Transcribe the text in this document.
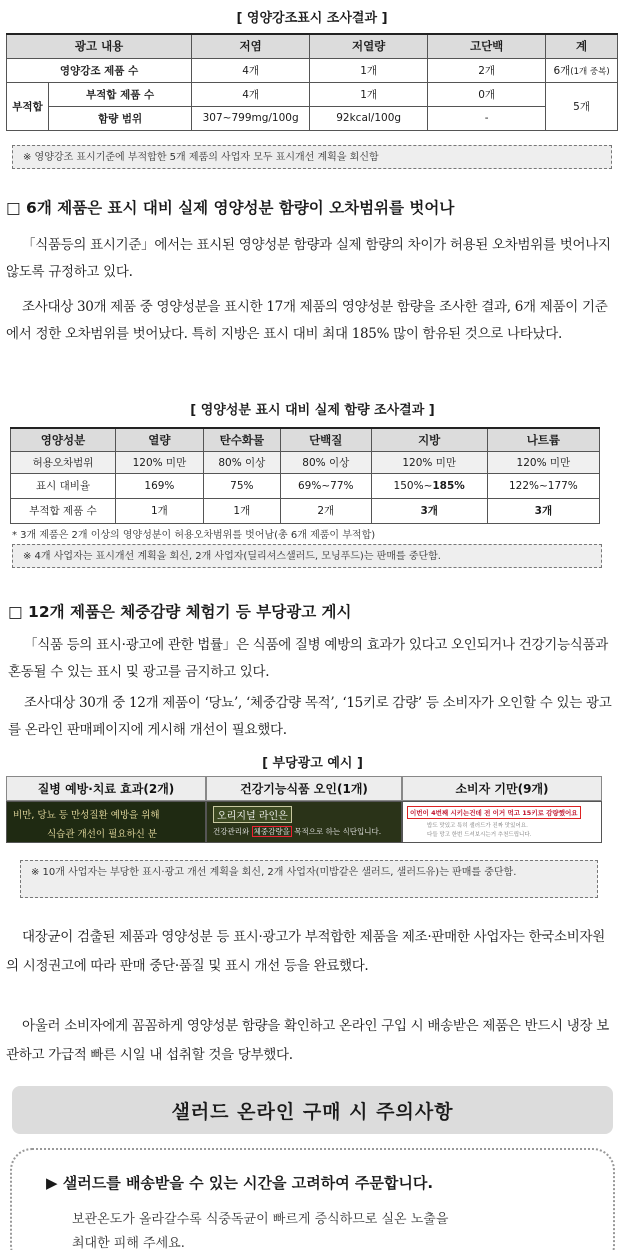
[ 영양강조표시 조사결과 ]
광고 내용		저염	저열량	고단백	계
영양강조 제품 수		4개	1개	2개	6개(1개 중복)
부적합	부적합 제품 수	4개	1개	0개	5개
	함량 범위	307~799mg/100g	92kcal/100g	-	
※ 영양강조 표시기준에 부적합한 5개 제품의 사업자 모두 표시개선 계획을 회신함
□ 6개 제품은 표시 대비 실제 영양성분 함량이 오차범위를 벗어나

「식품등의 표시기준」에서는 표시된 영양성분 함량과 실제 함량의 차이가 허용된 오차범위를 벗어나지 않도록 규정하고 있다.

조사대상 30개 제품 중 영양성분을 표시한 17개 제품의 영양성분 함량을 조사한 결과, 6개 제품이 기준에서 정한 오차범위를 벗어났다. 특히 지방은 표시 대비 최대 185% 많이 함유된 것으로 나타났다.

[ 영양성분 표시 대비 실제 함량 조사결과 ]
영양성분	열량	탄수화물	단백질	지방	나트륨
허용오차범위	120% 미만	80% 이상	80% 이상	120% 미만	120% 미만
표시 대비율	169%	75%	69%~77%	150%~185%	122%~177%
부적합 제품 수	1개	1개	2개	3개	3개
* 3개 제품은 2개 이상의 영양성분이 허용오차범위를 벗어남(총 6개 제품이 부적합)
※ 4개 사업자는 표시개선 계획을 회신, 2개 사업자(딜리셔스샐러드, 모닝푸드)는 판매를 중단함.
□ 12개 제품은 체중감량 체험기 등 부당광고 게시

「식품 등의 표시·광고에 관한 법률」은 식품에 질병 예방의 효과가 있다고 오인되거나 건강기능식품과 혼동될 수 있는 표시 및 광고를 금지하고 있다.

조사대상 30개 중 12개 제품이 ‘당뇨’, ‘체중감량 목적’, ‘15키로 감량’ 등 소비자가 오인할 수 있는 광고를 온라인 판매페이지에 게시해 개선이 필요했다.

[ 부당광고 예시 ]
질병 예방·치료 효과(2개)
비만, 당뇨 등 만성질환 예방을 위해
식습관 개선이 필요하신 분
건강기능식품 오인(1개)
오리지널 라인은
건강관리와 체중감량을 목적으로 하는 식단입니다.
소비자 기만(9개)
이번이 4번째 시키는건데 전 이거 먹고 15키로 감량했어요
밥도 맛있고 특히 샐러드가 진짜 맛있어요.
다들 망고 한번 드셔보시는거 추천드립니다.
※ 10개 사업자는 부당한 표시·광고 개선 계획을 회신, 2개 사업자(미밥같은 샐러드, 샐러드유)는 판매를 중단함.

대장균이 검출된 제품과 영양성분 등 표시·광고가 부적합한 제품을 제조·판매한 사업자는 한국소비자원의 시정권고에 따라 판매 중단·품질 및 표시 개선 등을 완료했다.

아울러 소비자에게 꼼꼼하게 영양성분 함량을 확인하고 온라인 구입 시 배송받은 제품은 반드시 냉장 보관하고 가급적 빠른 시일 내 섭취할 것을 당부했다.

샐러드 온라인 구매 시 주의사항
▶ 샐러드를 배송받을 수 있는 시간을 고려하여 주문합니다.
보관온도가 올라갈수록 식중독균이 빠르게 증식하므로 실온 노출을
최대한 피해 주세요.
